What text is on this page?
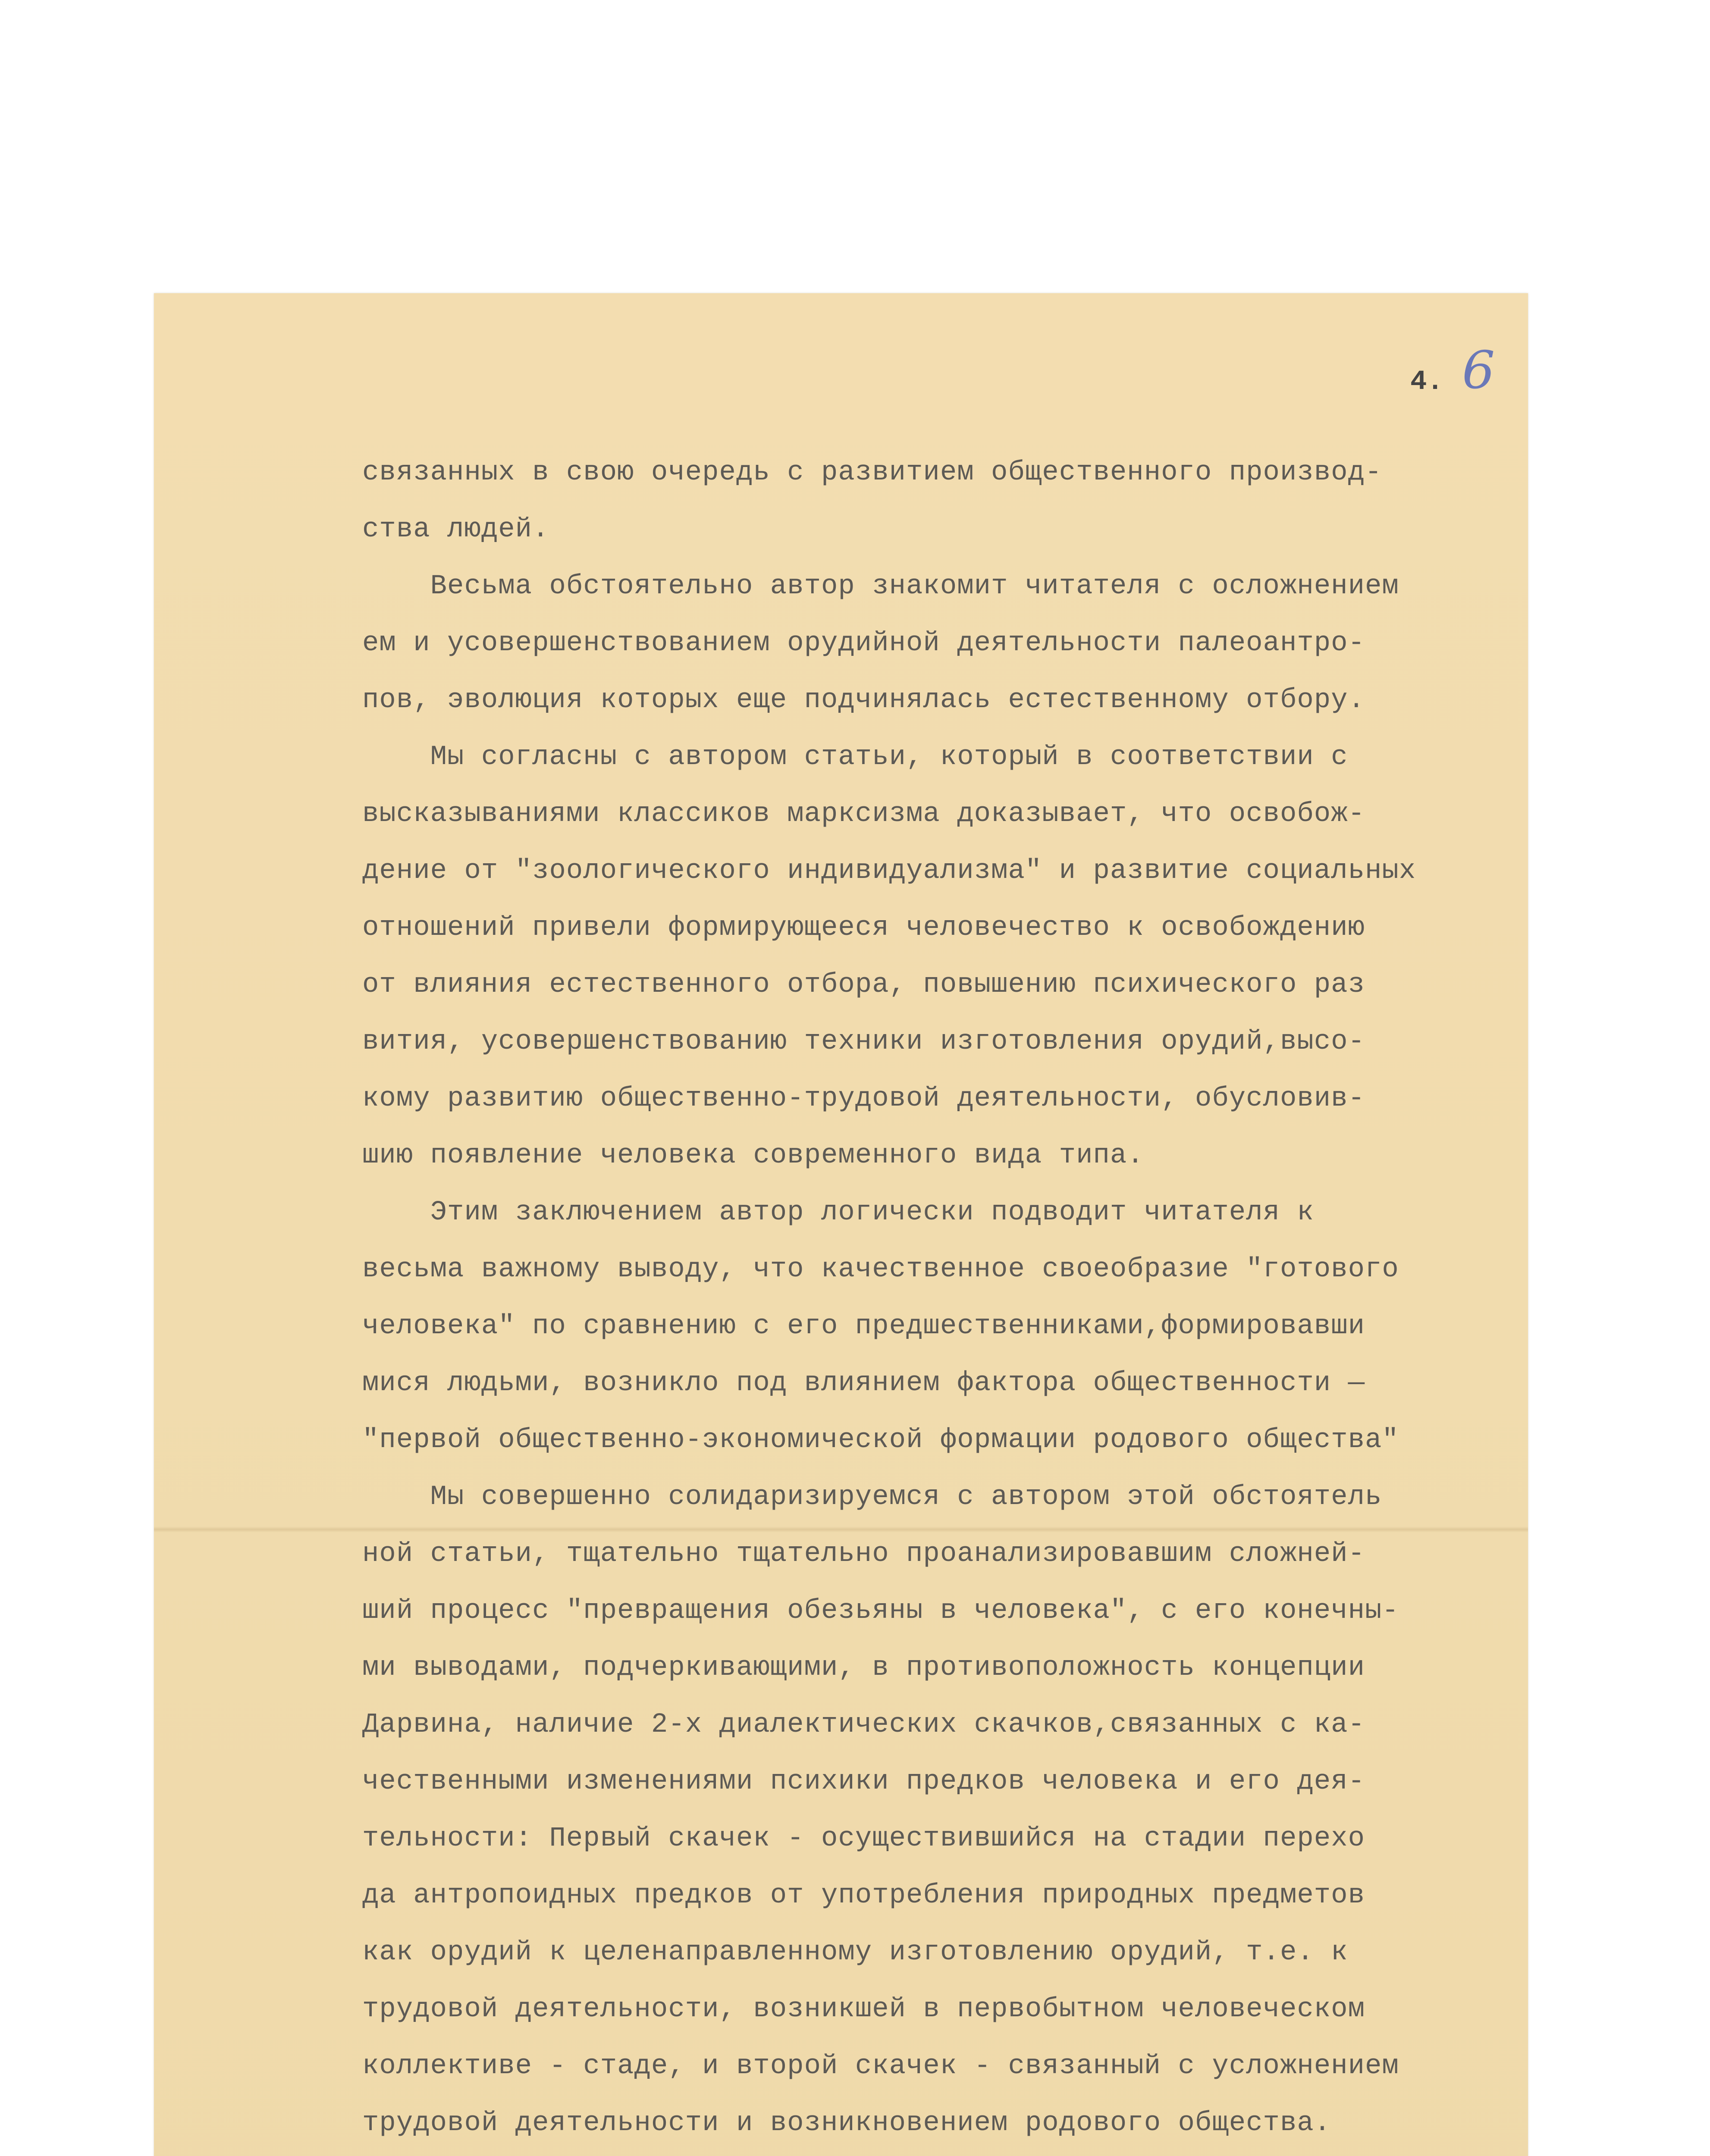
4. 6
связанных в свою очередь с развитием общественного производ-
ства людей.
Весьма обстоятельно автор знакомит читателя с осложнением
ем и усовершенствованием орудийной деятельности палеоантро-
пов, эволюция которых еще подчинялась естественному отбору.
Мы согласны с автором статьи, который в соответствии с
высказываниями классиков марксизма доказывает, что освобож-
дение от "зоологического индивидуализма" и развитие социальных
отношений привели формирующееся человечество к освобождению
от влияния естественного отбора, повышению психического раз
вития, усовершенствованию техники изготовления орудий,высо-
кому развитию общественно-трудовой деятельности, обусловив-
шию появление человека современного вида типа.
Этим заключением автор логически подводит читателя к
весьма важному выводу, что качественное своеобразие "готового
человека" по сравнению с его предшественниками,формировавши
мися людьми, возникло под влиянием фактора общественности —
"первой общественно-экономической формации родового общества"
Мы совершенно солидаризируемся с автором этой обстоятель
ной статьи, тщательно тщательно проанализировавшим сложней-
ший процесс "превращения обезьяны в человека", с его конечны-
ми выводами, подчеркивающими, в противоположность концепции
Дарвина, наличие 2-х диалектических скачков,связанных с ка-
чественными изменениями психики предков человека и его дея-
тельности: Первый скачек - осуществившийся на стадии перехо
да антропоидных предков от употребления природных предметов
как орудий к целенаправленному изготовлению орудий, т.е. к
трудовой деятельности, возникшей в первобытном человеческом
коллективе - стаде, и второй скачек - связанный с усложнением
трудовой деятельности и возникновением родового общества.
